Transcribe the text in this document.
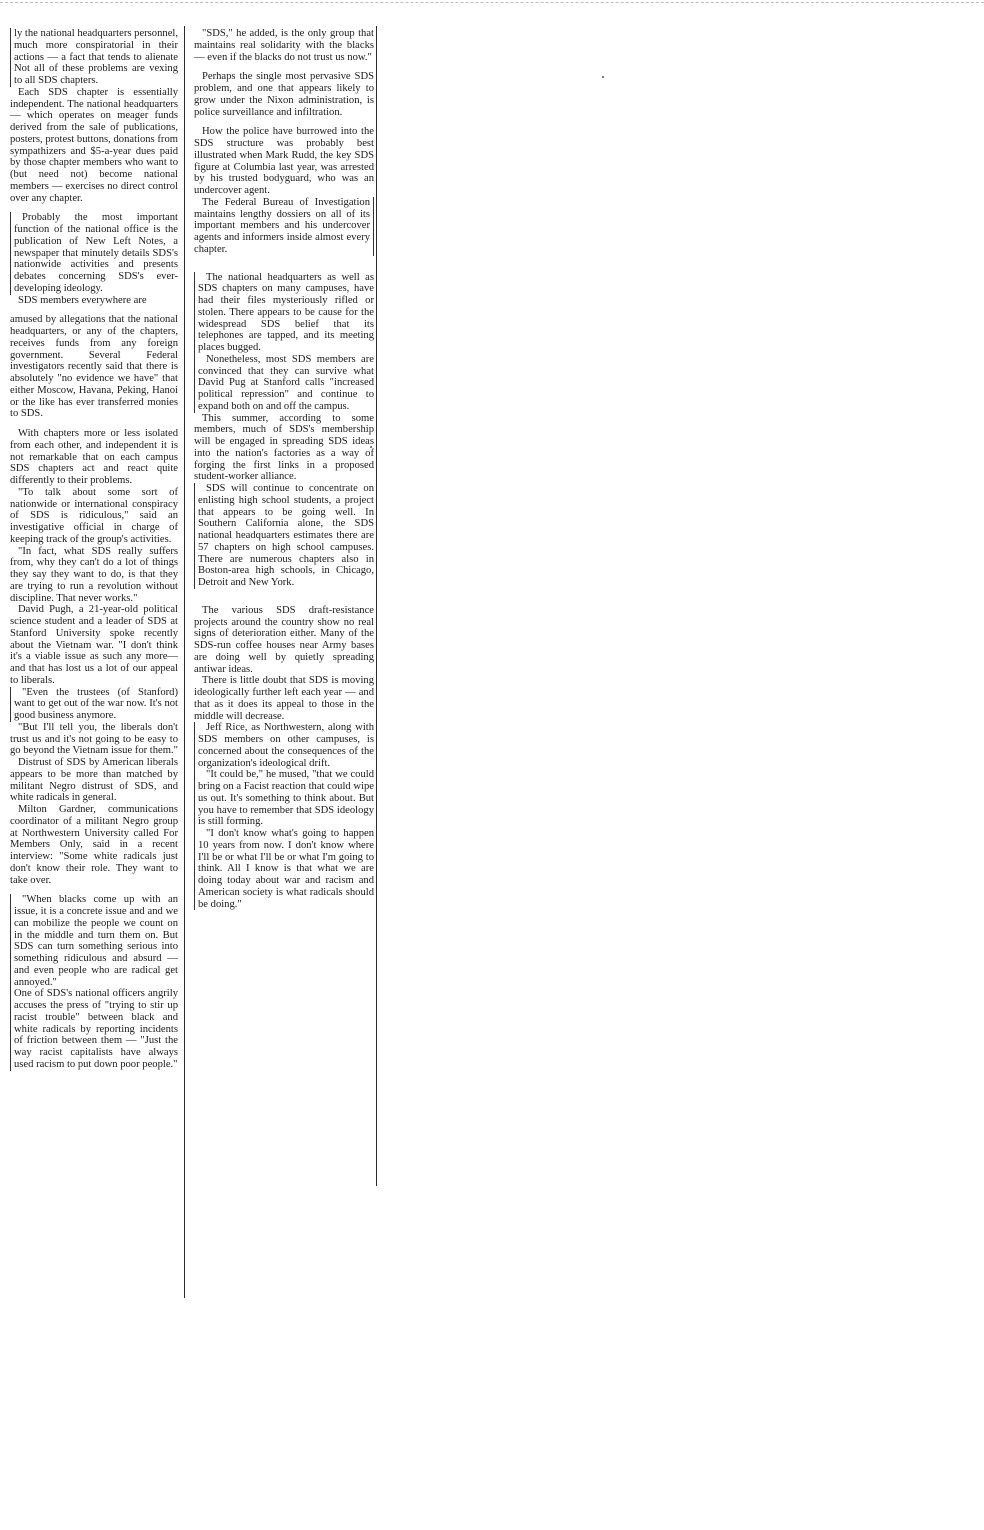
ly the national headquarters personnel, much more conspiratorial in their actions — a fact that tends to alienate Not all of these problems are vexing to all SDS chapters.

Each SDS chapter is essentially independent. The national headquarters — which operates on meager funds derived from the sale of publications, posters, protest buttons, donations from sympathizers and $5-a-year dues paid by those chapter members who want to (but need not) become national members — exercises no direct control over any chapter.

Probably the most important function of the national office is the publication of New Left Notes, a newspaper that minutely details SDS's nationwide activities and presents debates concerning SDS's ever-developing ideology.

SDS members everywhere are

amused by allegations that the national headquarters, or any of the chapters, receives funds from any foreign government. Several Federal investigators recently said that there is absolutely "no evidence we have" that either Moscow, Havana, Peking, Hanoi or the like has ever transferred monies to SDS.

With chapters more or less isolated from each other, and independent it is not remarkable that on each campus SDS chapters act and react quite differently to their problems.

"To talk about some sort of nationwide or international conspiracy of SDS is ridiculous," said an investigative official in charge of keeping track of the group's activities.

"In fact, what SDS really suffers from, why they can't do a lot of things they say they want to do, is that they are trying to run a revolution without discipline. That never works."

David Pugh, a 21-year-old political science student and a leader of SDS at Stanford University spoke recently about the Vietnam war. "I don't think it's a viable issue as such any more—and that has lost us a lot of our appeal to liberals.

"Even the trustees (of Stanford) want to get out of the war now. It's not good business anymore.

"But I'll tell you, the liberals don't trust us and it's not going to be easy to go beyond the Vietnam issue for them."

Distrust of SDS by American liberals appears to be more than matched by militant Negro distrust of SDS, and white radicals in general.

Milton Gardner, communications coordinator of a militant Negro group at Northwestern University called For Members Only, said in a recent interview: "Some white radicals just don't know their role. They want to take over.

"When blacks come up with an issue, it is a concrete issue and and we can mobilize the people we count on in the middle and turn them on. But SDS can turn something serious into something ridiculous and absurd — and even people who are radical get annoyed."

One of SDS's national officers angrily accuses the press of "trying to stir up racist trouble" between black and white radicals by reporting incidents of friction between them — "Just the way racist capitalists have always used racism to put down poor people."

"SDS," he added, is the only group that maintains real solidarity with the blacks — even if the blacks do not trust us now."

Perhaps the single most pervasive SDS problem, and one that appears likely to grow under the Nixon administration, is police surveillance and infiltration.

How the police have burrowed into the SDS structure was probably best illustrated when Mark Rudd, the key SDS figure at Columbia last year, was arrested by his trusted bodyguard, who was an undercover agent.

The Federal Bureau of Investigation maintains lengthy dossiers on all of its important members and his undercover agents and informers inside almost every chapter.

The national headquarters as well as SDS chapters on many campuses, have had their files mysteriously rifled or stolen. There appears to be cause for the widespread SDS belief that its telephones are tapped, and its meeting places bugged.

Nonetheless, most SDS members are convinced that they can survive what David Pug at Stanford calls "increased political repression" and continue to expand both on and off the campus.

This summer, according to some members, much of SDS's membership will be engaged in spreading SDS ideas into the nation's factories as a way of forging the first links in a proposed student-worker alliance.

SDS will continue to concentrate on enlisting high school students, a project that appears to be going well. In Southern California alone, the SDS national headquarters estimates there are 57 chapters on high school campuses. There are numerous chapters also in Boston-area high schools, in Chicago, Detroit and New York.

The various SDS draft-resistance projects around the country show no real signs of deterioration either. Many of the SDS-run coffee houses near Army bases are doing well by quietly spreading antiwar ideas.

There is little doubt that SDS is moving ideologically further left each year — and that as it does its appeal to those in the middle will decrease.

Jeff Rice, as Northwestern, along with SDS members on other campuses, is concerned about the consequences of the organization's ideological drift.

"It could be," he mused, "that we could bring on a Facist reaction that could wipe us out. It's something to think about. But you have to remember that SDS ideology is still forming.

"I don't know what's going to happen 10 years from now. I don't know where I'll be or what I'll be or what I'm going to think. All I know is that what we are doing today about war and racism and American society is what radicals should be doing."
